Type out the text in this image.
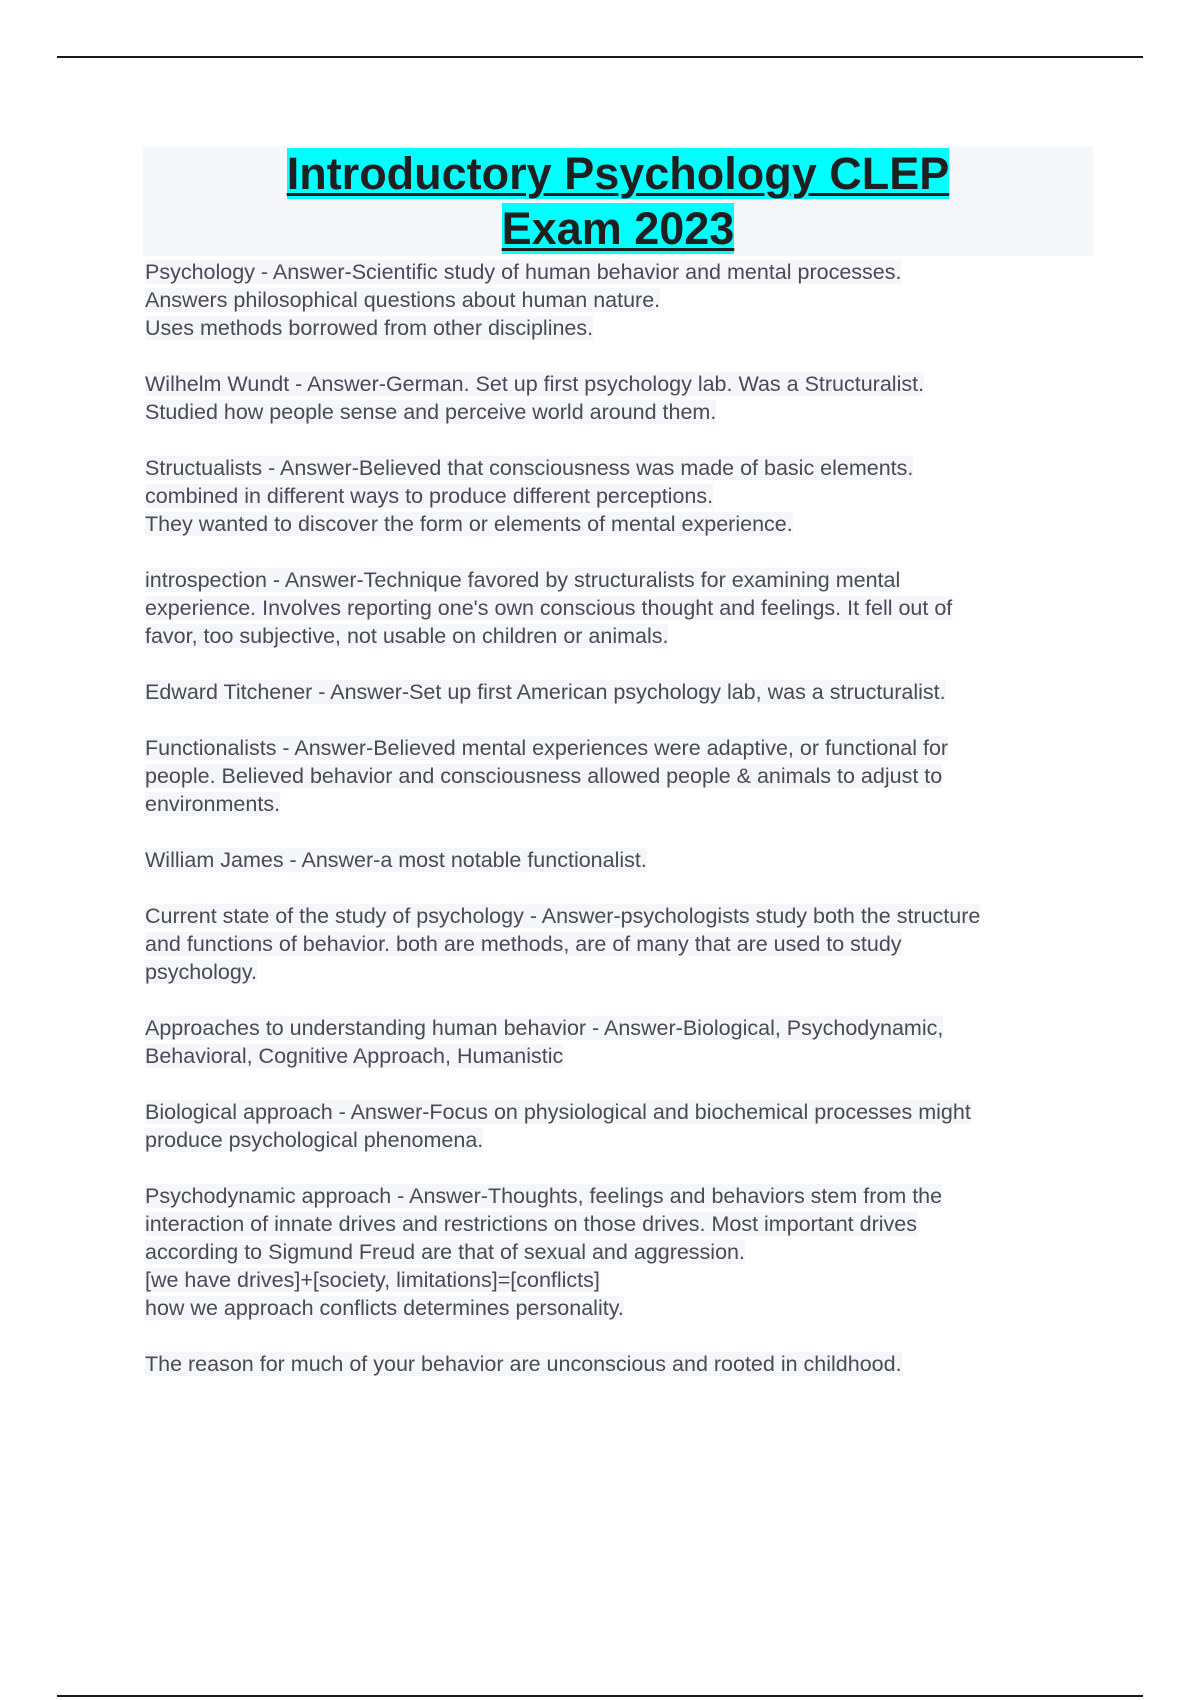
Introductory Psychology CLEP
Exam 2023

Psychology - Answer-Scientific study of human behavior and mental processes.
Answers philosophical questions about human nature.
Uses methods borrowed from other disciplines.

Wilhelm Wundt - Answer-German. Set up first psychology lab. Was a Structuralist.
Studied how people sense and perceive world around them.

Structualists - Answer-Believed that consciousness was made of basic elements.
combined in different ways to produce different perceptions.
They wanted to discover the form or elements of mental experience.

introspection - Answer-Technique favored by structuralists for examining mental
experience. Involves reporting one's own conscious thought and feelings. It fell out of
favor, too subjective, not usable on children or animals.

Edward Titchener - Answer-Set up first American psychology lab, was a structuralist.

Functionalists - Answer-Believed mental experiences were adaptive, or functional for
people. Believed behavior and consciousness allowed people & animals to adjust to
environments.

William James - Answer-a most notable functionalist.

Current state of the study of psychology - Answer-psychologists study both the structure
and functions of behavior. both are methods, are of many that are used to study
psychology.

Approaches to understanding human behavior - Answer-Biological, Psychodynamic,
Behavioral, Cognitive Approach, Humanistic

Biological approach - Answer-Focus on physiological and biochemical processes might
produce psychological phenomena.

Psychodynamic approach - Answer-Thoughts, feelings and behaviors stem from the
interaction of innate drives and restrictions on those drives. Most important drives
according to Sigmund Freud are that of sexual and aggression.
[we have drives]+[society, limitations]=[conflicts]
how we approach conflicts determines personality.

The reason for much of your behavior are unconscious and rooted in childhood.
